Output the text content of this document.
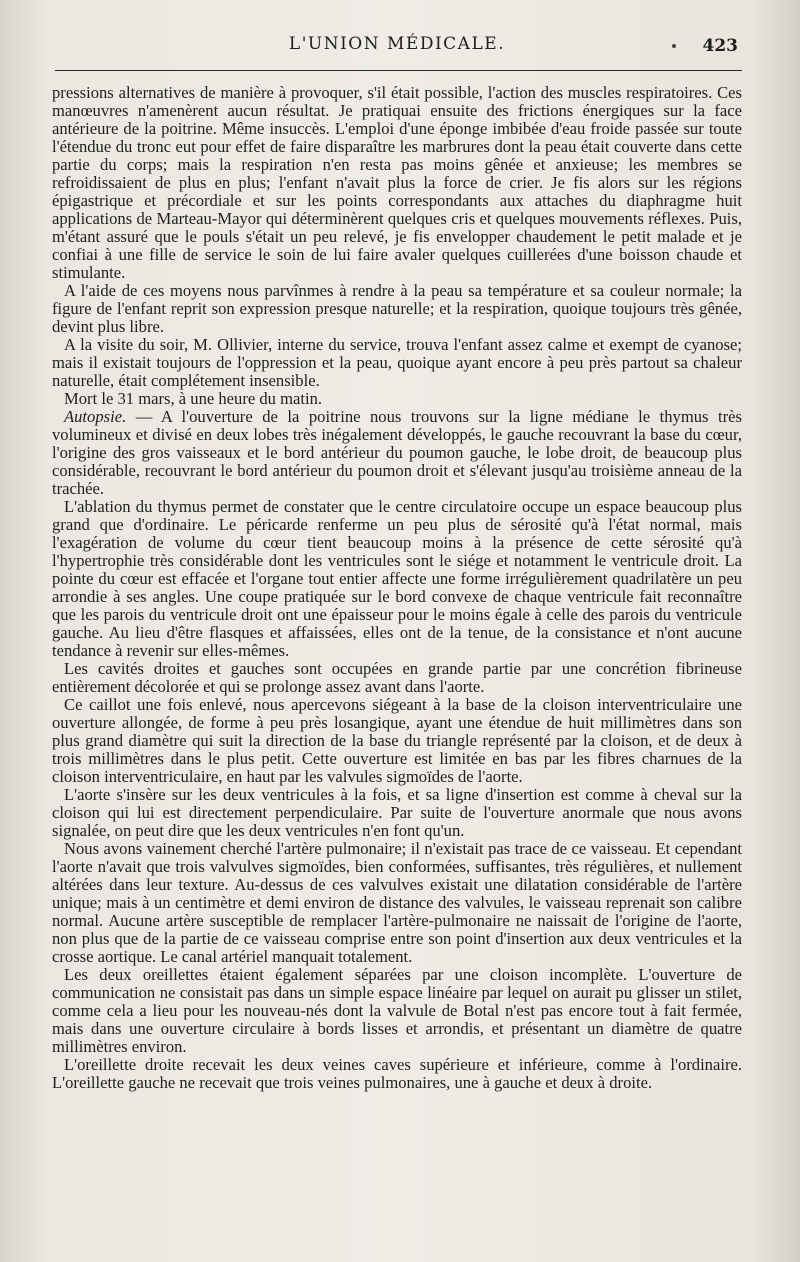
L'UNION MÉDICALE.	423

pressions alternatives de manière à provoquer, s'il était possible, l'action des muscles respiratoires. Ces manœuvres n'amenèrent aucun résultat. Je pratiquai ensuite des frictions énergiques sur la face antérieure de la poitrine. Même insuccès. L'emploi d'une éponge imbibée d'eau froide passée sur toute l'étendue du tronc eut pour effet de faire disparaître les marbrures dont la peau était couverte dans cette partie du corps; mais la respiration n'en resta pas moins gênée et anxieuse; les membres se refroidissaient de plus en plus; l'enfant n'avait plus la force de crier. Je fis alors sur les régions épigastrique et précordiale et sur les points correspondants aux attaches du diaphragme huit applications de Marteau-Mayor qui déterminèrent quelques cris et quelques mouvements réflexes. Puis, m'étant assuré que le pouls s'était un peu relevé, je fis envelopper chaudement le petit malade et je confiai à une fille de service le soin de lui faire avaler quelques cuillerées d'une boisson chaude et stimulante.

A l'aide de ces moyens nous parvînmes à rendre à la peau sa température et sa couleur normale; la figure de l'enfant reprit son expression presque naturelle; et la respiration, quoique toujours très gênée, devint plus libre.

A la visite du soir, M. Ollivier, interne du service, trouva l'enfant assez calme et exempt de cyanose; mais il existait toujours de l'oppression et la peau, quoique ayant encore à peu près partout sa chaleur naturelle, était complétement insensible.

Mort le 31 mars, à une heure du matin.

Autopsie. — A l'ouverture de la poitrine nous trouvons sur la ligne médiane le thymus très volumineux et divisé en deux lobes très inégalement développés, le gauche recouvrant la base du cœur, l'origine des gros vaisseaux et le bord antérieur du poumon gauche, le lobe droit, de beaucoup plus considérable, recouvrant le bord antérieur du poumon droit et s'élevant jusqu'au troisième anneau de la trachée.

L'ablation du thymus permet de constater que le centre circulatoire occupe un espace beaucoup plus grand que d'ordinaire. Le péricarde renferme un peu plus de sérosité qu'à l'état normal, mais l'exagération de volume du cœur tient beaucoup moins à la présence de cette sérosité qu'à l'hypertrophie très considérable dont les ventricules sont le siége et notamment le ventricule droit. La pointe du cœur est effacée et l'organe tout entier affecte une forme irrégulièrement quadrilatère un peu arrondie à ses angles. Une coupe pratiquée sur le bord convexe de chaque ventricule fait reconnaître que les parois du ventricule droit ont une épaisseur pour le moins égale à celle des parois du ventricule gauche. Au lieu d'être flasques et affaissées, elles ont de la tenue, de la consistance et n'ont aucune tendance à revenir sur elles-mêmes.

Les cavités droites et gauches sont occupées en grande partie par une concrétion fibrineuse entièrement décolorée et qui se prolonge assez avant dans l'aorte.

Ce caillot une fois enlevé, nous apercevons siégeant à la base de la cloison interventriculaire une ouverture allongée, de forme à peu près losangique, ayant une étendue de huit millimètres dans son plus grand diamètre qui suit la direction de la base du triangle représenté par la cloison, et de deux à trois millimètres dans le plus petit. Cette ouverture est limitée en bas par les fibres charnues de la cloison interventriculaire, en haut par les valvules sigmoïdes de l'aorte.

L'aorte s'insère sur les deux ventricules à la fois, et sa ligne d'insertion est comme à cheval sur la cloison qui lui est directement perpendiculaire. Par suite de l'ouverture anormale que nous avons signalée, on peut dire que les deux ventricules n'en font qu'un.

Nous avons vainement cherché l'artère pulmonaire; il n'existait pas trace de ce vaisseau. Et cependant l'aorte n'avait que trois valvulves sigmoïdes, bien conformées, suffisantes, très régulières, et nullement altérées dans leur texture. Au-dessus de ces valvulves existait une dilatation considérable de l'artère unique; mais à un centimètre et demi environ de distance des valvules, le vaisseau reprenait son calibre normal. Aucune artère susceptible de remplacer l'artère-pulmonaire ne naissait de l'origine de l'aorte, non plus que de la partie de ce vaisseau comprise entre son point d'insertion aux deux ventricules et la crosse aortique. Le canal artériel manquait totalement.

Les deux oreillettes étaient également séparées par une cloison incomplète. L'ouverture de communication ne consistait pas dans un simple espace linéaire par lequel on aurait pu glisser un stilet, comme cela a lieu pour les nouveau-nés dont la valvule de Botal n'est pas encore tout à fait fermée, mais dans une ouverture circulaire à bords lisses et arrondis, et présentant un diamètre de quatre millimètres environ.

L'oreillette droite recevait les deux veines caves supérieure et inférieure, comme à l'ordinaire. L'oreillette gauche ne recevait que trois veines pulmonaires, une à gauche et deux à droite.
